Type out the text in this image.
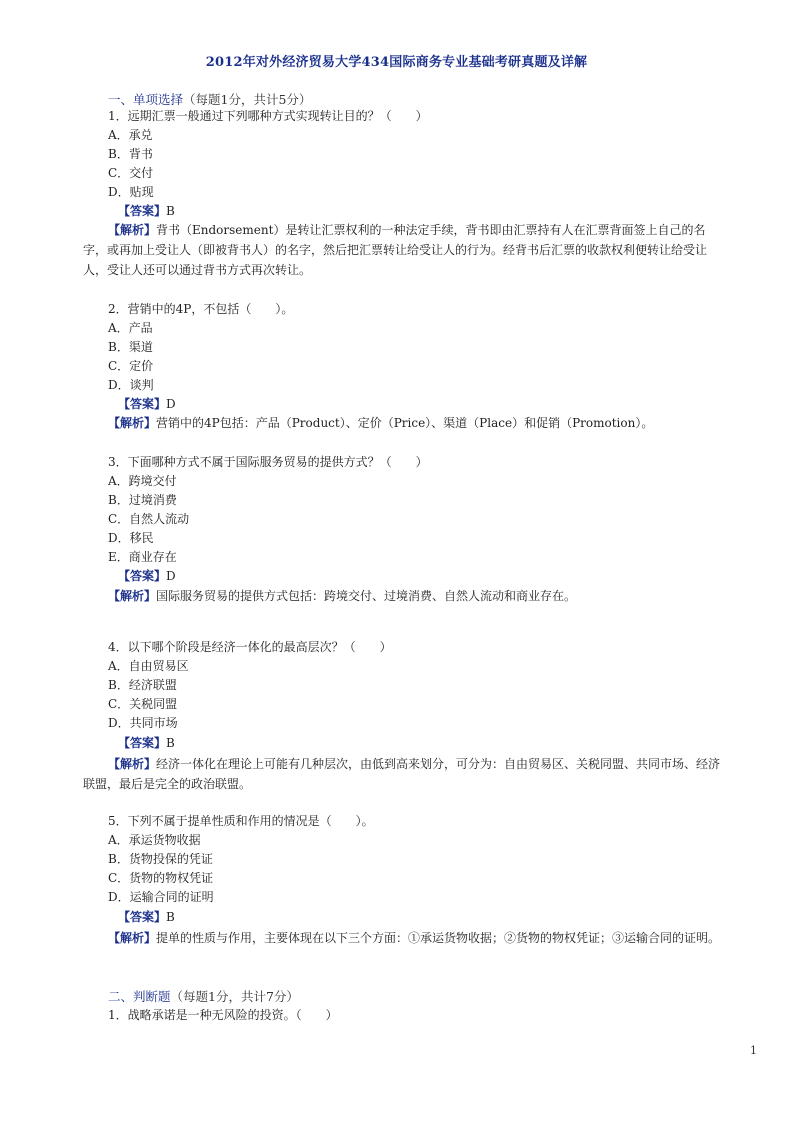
2012年对外经济贸易大学434国际商务专业基础考研真题及详解
一、单项选择（每题1分，共计5分）
1．远期汇票一般通过下列哪种方式实现转让目的？（　　）
A．承兑
B．背书
C．交付
D．贴现
【答案】B
【解析】背书（Endorsement）是转让汇票权利的一种法定手续，背书即由汇票持有人在汇票背面签上自己的名字，或再加上受让人（即被背书人）的名字，然后把汇票转让给受让人的行为。经背书后汇票的收款权利便转让给受让人，受让人还可以通过背书方式再次转让。
2．营销中的4P，不包括（　　）。
A．产品
B．渠道
C．定价
D．谈判
【答案】D
【解析】营销中的4P包括：产品（Product）、定价（Price）、渠道（Place）和促销（Promotion）。
3．下面哪种方式不属于国际服务贸易的提供方式？（　　）
A．跨境交付
B．过境消费
C．自然人流动
D．移民
E．商业存在
【答案】D
【解析】国际服务贸易的提供方式包括：跨境交付、过境消费、自然人流动和商业存在。
4．以下哪个阶段是经济一体化的最高层次？（　　）
A．自由贸易区
B．经济联盟
C．关税同盟
D．共同市场
【答案】B
【解析】经济一体化在理论上可能有几种层次，由低到高来划分，可分为：自由贸易区、关税同盟、共同市场、经济联盟，最后是完全的政治联盟。
5．下列不属于提单性质和作用的情况是（　　）。
A．承运货物收据
B．货物投保的凭证
C．货物的物权凭证
D．运输合同的证明
【答案】B
【解析】提单的性质与作用，主要体现在以下三个方面：①承运货物收据；②货物的物权凭证；③运输合同的证明。
二、判断题（每题1分，共计7分）
1．战略承诺是一种无风险的投资。（　　）
1
